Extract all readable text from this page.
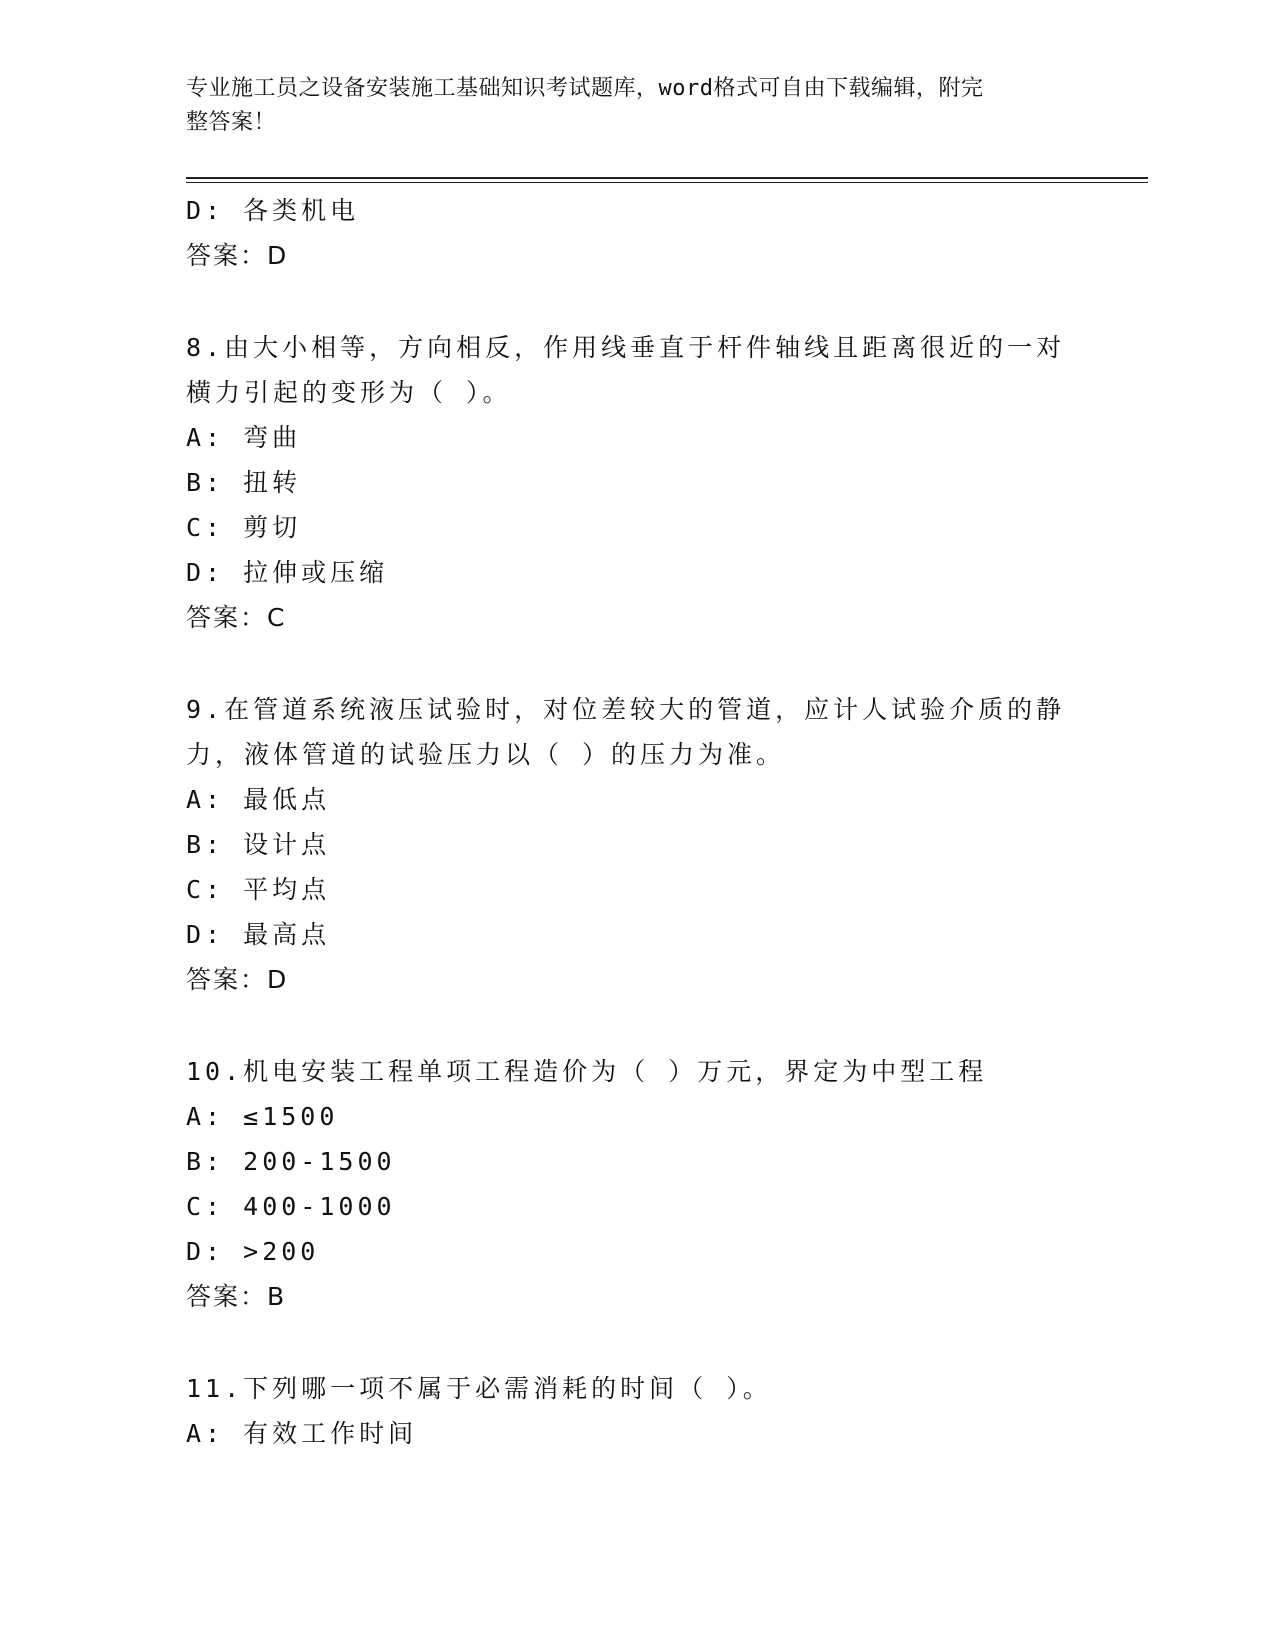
专业施工员之设备安装施工基础知识考试题库，word格式可自由下载编辑，附完
整答案！
D: 各类机电
答案：D
8.由大小相等，方向相反，作用线垂直于杆件轴线且距离很近的一对
横力引起的变形为（ ）。
A: 弯曲
B: 扭转
C: 剪切
D: 拉伸或压缩
答案：C
9.在管道系统液压试验时，对位差较大的管道，应计人试验介质的静
力，液体管道的试验压力以（ ）的压力为准。
A: 最低点
B: 设计点
C: 平均点
D: 最高点
答案：D
10.机电安装工程单项工程造价为（ ）万元，界定为中型工程
A: ≤1500
B: 200-1500
C: 400-1000
D: >200
答案：B
11.下列哪一项不属于必需消耗的时间（ ）。
A: 有效工作时间
